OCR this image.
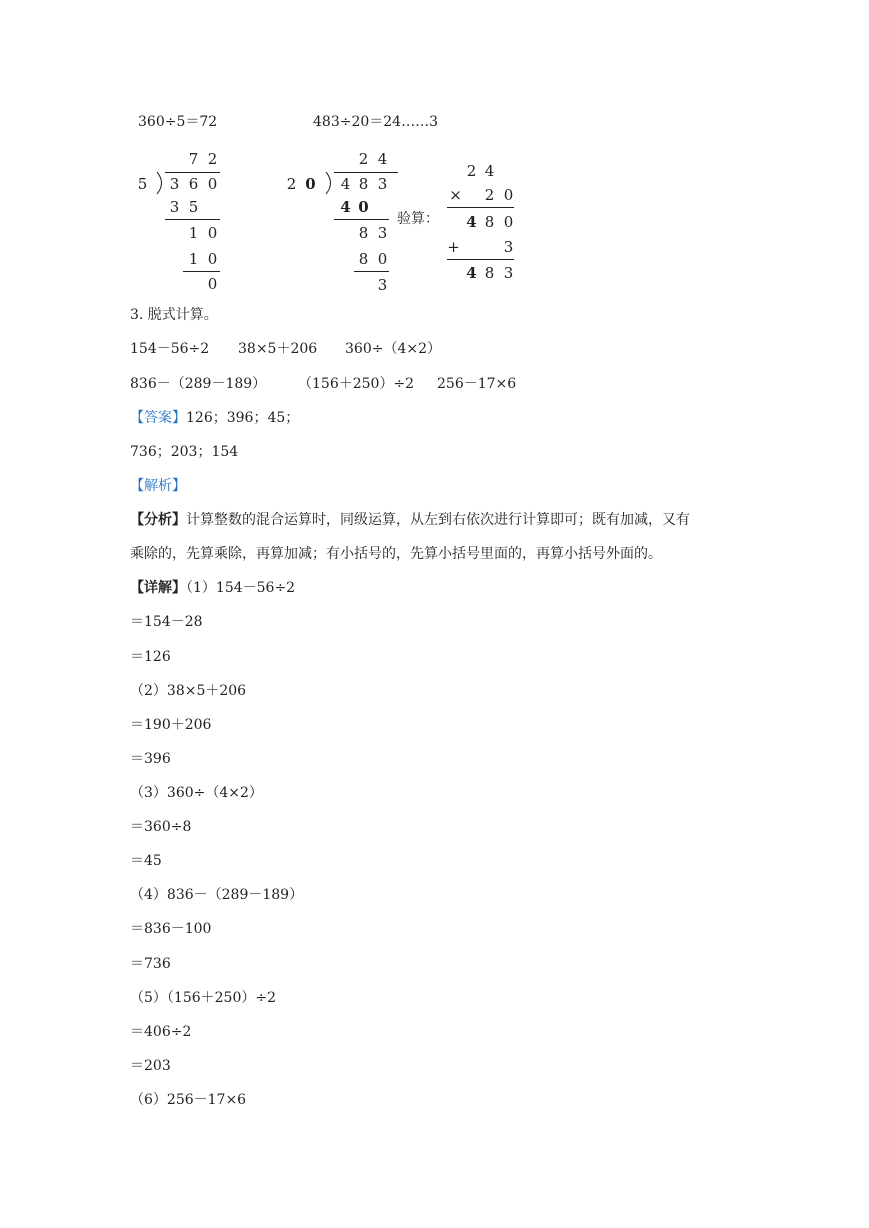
360÷5＝72
7 2
5 3 6 0
3 5
1 0
1 0
0
483÷20＝24……3
2 4
2 0 4 8 3
4 0
8 3
8 0
3
验算：
2 4
× 2 0
4 8 0
+	3
4 8 3
3. 脱式计算。
154－56÷2 38×5＋206 360÷（4×2）
836－（289－189） （156＋250）÷2 256－17×6
【答案】126；396；45；
736；203；154
【解析】
【分析】计算整数的混合运算时，同级运算，从左到右依次进行计算即可；既有加减，又有
乘除的，先算乘除，再算加减；有小括号的，先算小括号里面的，再算小括号外面的。
【详解】（1）154－56÷2
＝154－28
＝126
（2）38×5＋206
＝190＋206
＝396
（3）360÷（4×2）
＝360÷8
＝45
（4）836－（289－189）
＝836－100
＝736
（5）（156＋250）÷2
＝406÷2
＝203
（6）256－17×6
